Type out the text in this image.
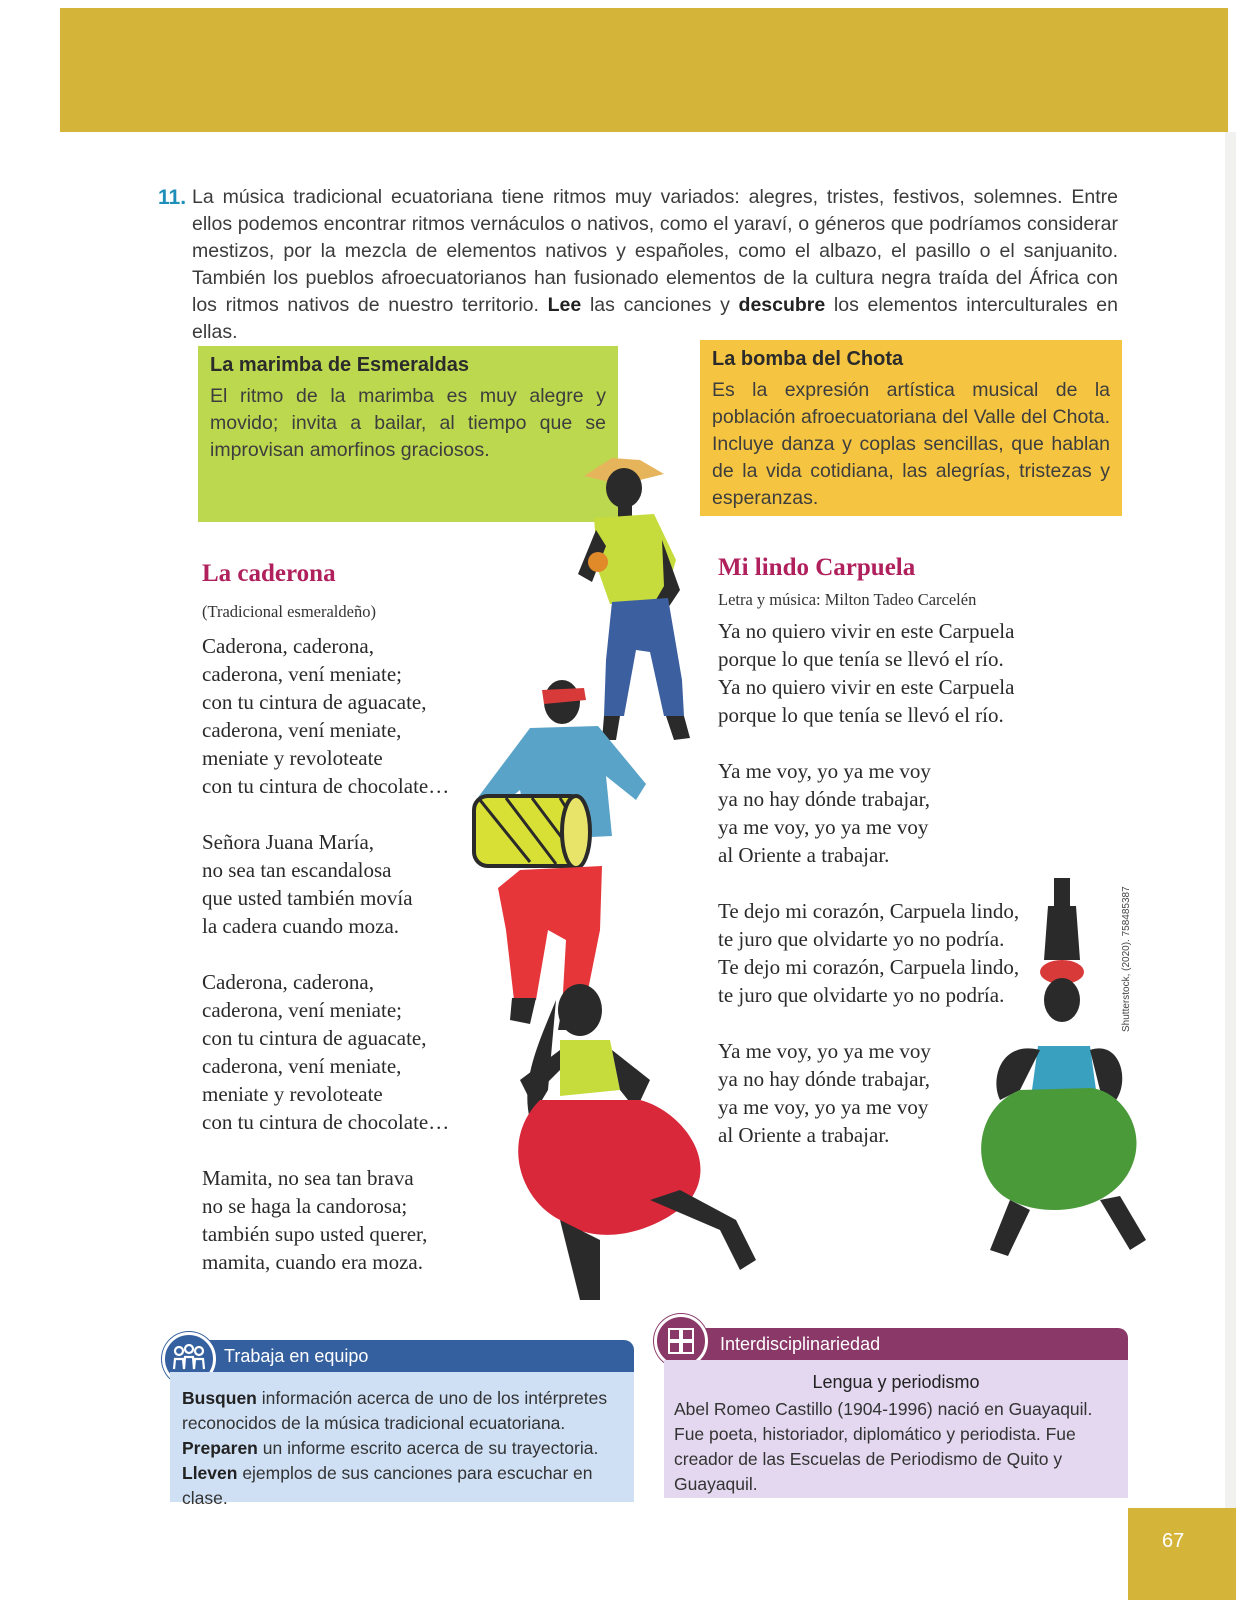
11. La música tradicional ecuatoriana tiene ritmos muy variados: alegres, tristes, festivos, solemnes. Entre ellos podemos encontrar ritmos vernáculos o nativos, como el yaraví, o géneros que podríamos considerar mestizos, por la mezcla de elementos nativos y españoles, como el albazo, el pasillo o el sanjuanito. También los pueblos afroecuatorianos han fusionado elementos de la cultura negra traída del África con los ritmos nativos de nuestro territorio. Lee las canciones y descubre los elementos interculturales en ellas.
La marimba de Esmeraldas

El ritmo de la marimba es muy alegre y movido; invita a bailar, al tiempo que se improvisan amorfinos graciosos.

La bomba del Chota

Es la expresión artística musical de la población afroecuatoriana del Valle del Chota. Incluye danza y coplas sencillas, que hablan de la vida cotidiana, las alegrías, tristezas y esperanzas.

La caderona
(Tradicional esmeraldeño)
Caderona, caderona,
caderona, vení meniate;
con tu cintura de aguacate,
caderona, vení meniate,
meniate y revoloteate
con tu cintura de chocolate…
Señora Juana María,
no sea tan escandalosa
que usted también movía
la cadera cuando moza.
Caderona, caderona,
caderona, vení meniate;
con tu cintura de aguacate,
caderona, vení meniate,
meniate y revoloteate
con tu cintura de chocolate…
Mamita, no sea tan brava
no se haga la candorosa;
también supo usted querer,
mamita, cuando era moza.
Mi lindo Carpuela
Letra y música: Milton Tadeo Carcelén
Ya no quiero vivir en este Carpuela
porque lo que tenía se llevó el río.
Ya no quiero vivir en este Carpuela
porque lo que tenía se llevó el río.
Ya me voy, yo ya me voy
ya no hay dónde trabajar,
ya me voy, yo ya me voy
al Oriente a trabajar.
Te dejo mi corazón, Carpuela lindo,
te juro que olvidarte yo no podría.
Te dejo mi corazón, Carpuela lindo,
te juro que olvidarte yo no podría.
Ya me voy, yo ya me voy
ya no hay dónde trabajar,
ya me voy, yo ya me voy
al Oriente a trabajar.
Shutterstock, (2020). 758485387
Trabaja en equipo
Busquen información acerca de uno de los intérpretes reconocidos de la música tradicional ecuatoriana.
Preparen un informe escrito acerca de su trayectoria.
Lleven ejemplos de sus canciones para escuchar en clase.
Interdisciplinariedad
Lengua y periodismo
Abel Romeo Castillo (1904-1996) nació en Guayaquil. Fue poeta, historiador, diplomático y periodista. Fue creador de las Escuelas de Periodismo de Quito y Guayaquil.
67
